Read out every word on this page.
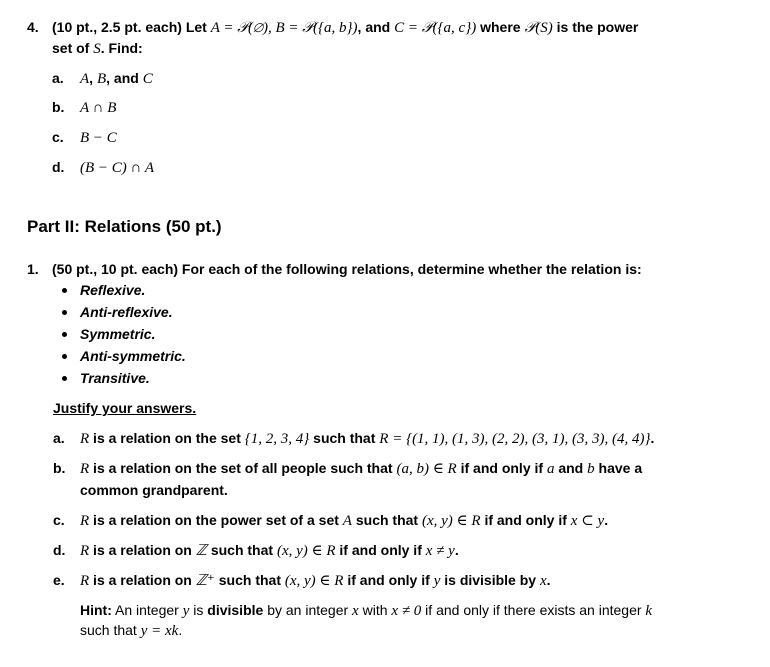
4. (10 pt., 2.5 pt. each) Let A = 𝒫(∅), B = 𝒫({a, b}), and C = 𝒫({a, c}) where 𝒫(S) is the power
set of S. Find:
a. A, B, and C
b. A ∩ B
c. B − C
d. (B − C) ∩ A
Part II: Relations (50 pt.)
1. (50 pt., 10 pt. each) For each of the following relations, determine whether the relation is:
Reflexive.
Anti-reflexive.
Symmetric.
Anti-symmetric.
Transitive.
Justify your answers.
a. R is a relation on the set {1, 2, 3, 4} such that R = {(1, 1), (1, 3), (2, 2), (3, 1), (3, 3), (4, 4)}.
b. R is a relation on the set of all people such that (a, b) ∈ R if and only if a and b have a
common grandparent.
c. R is a relation on the power set of a set A such that (x, y) ∈ R if and only if x ⊂ y.
d. R is a relation on ℤ such that (x, y) ∈ R if and only if x ≠ y.
e. R is a relation on ℤ⁺ such that (x, y) ∈ R if and only if y is divisible by x.
Hint: An integer y is divisible by an integer x with x ≠ 0 if and only if there exists an integer k
such that y = xk.
